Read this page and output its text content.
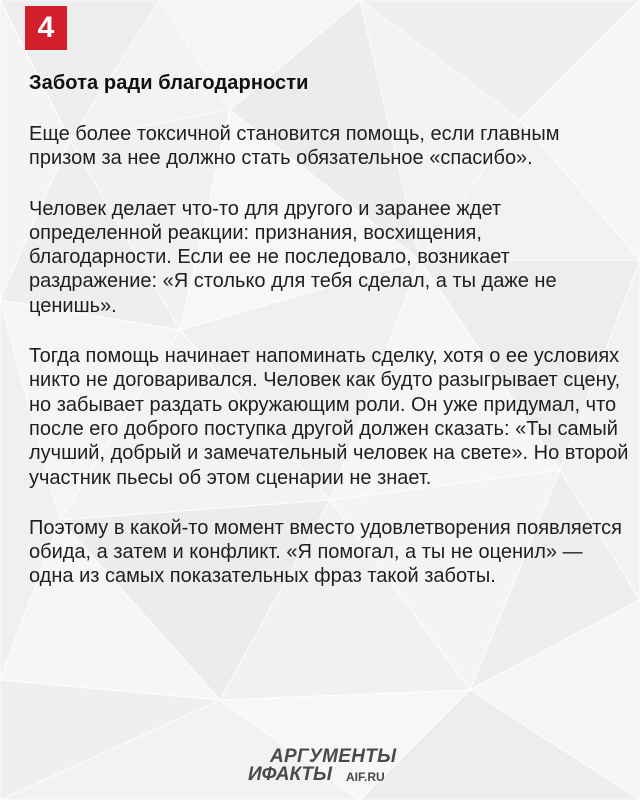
4
Забота ради благодарности

Еще более токсичной становится помощь, если главным призом за нее должно стать обязательное «спасибо».

Человек делает что-то для другого и заранее ждет определенной реакции: признания, восхищения, благодарности. Если ее не последовало, возникает раздражение: «Я столько для тебя сделал, а ты даже не ценишь».

Тогда помощь начинает напоминать сделку, хотя о ее условиях никто не договаривался. Человек как будто разыгрывает сцену, но забывает раздать окружающим роли. Он уже придумал, что после его доброго поступка другой должен сказать: «Ты самый лучший, добрый и замечательный человек на свете». Но второй участник пьесы об этом сценарии не знает.

Поэтому в какой-то момент вместо удовлетворения появляется обида, а затем и конфликт. «Я помогал, а ты не оценил» — одна из самых показательных фраз такой заботы.

АРГУМЕНТЫ
ИФАКТЫ AIF.RU
